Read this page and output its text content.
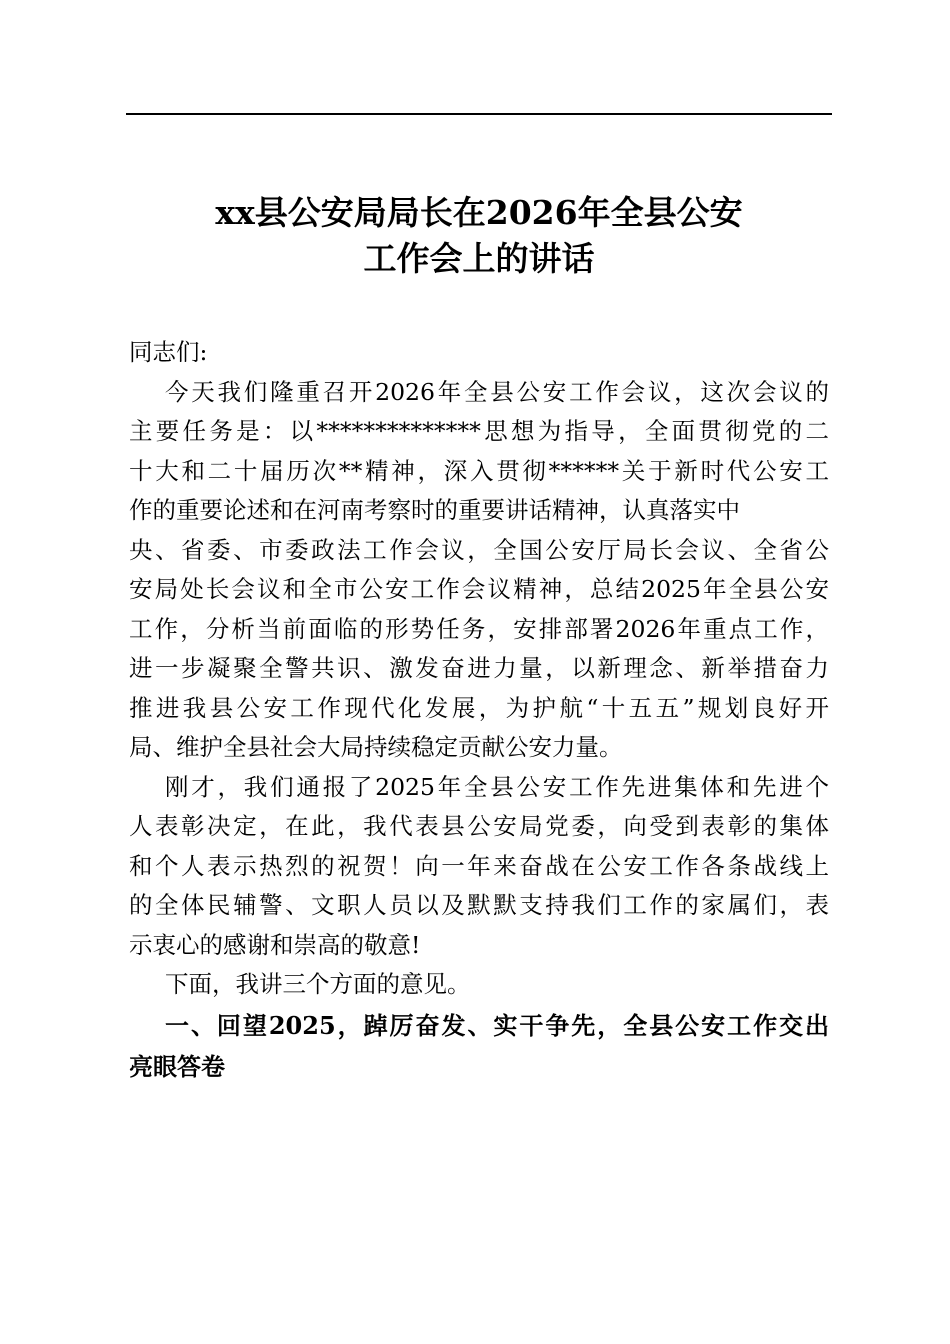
xx县公安局局长在2026年全县公安
工作会上的讲话
同志们:
今天我们隆重召开2026年全县公安工作会议，这次会议的
主要任务是：以**************思想为指导，全面贯彻党的二
十大和二十届历次**精神，深入贯彻******关于新时代公安工
作的重要论述和在河南考察时的重要讲话精神，认真落实中
央、省委、市委政法工作会议，全国公安厅局长会议、全省公
安局处长会议和全市公安工作会议精神，总结2025年全县公安
工作，分析当前面临的形势任务，安排部署2026年重点工作，
进一步凝聚全警共识、激发奋进力量，以新理念、新举措奋力
推进我县公安工作现代化发展，为护航“十五五”规划良好开
局、维护全县社会大局持续稳定贡献公安力量。
刚才，我们通报了2025年全县公安工作先进集体和先进个
人表彰决定，在此，我代表县公安局党委，向受到表彰的集体
和个人表示热烈的祝贺！向一年来奋战在公安工作各条战线上
的全体民辅警、文职人员以及默默支持我们工作的家属们，表
示衷心的感谢和崇高的敬意!
下面，我讲三个方面的意见。
一、回望2025，踔厉奋发、实干争先，全县公安工作交出
亮眼答卷
